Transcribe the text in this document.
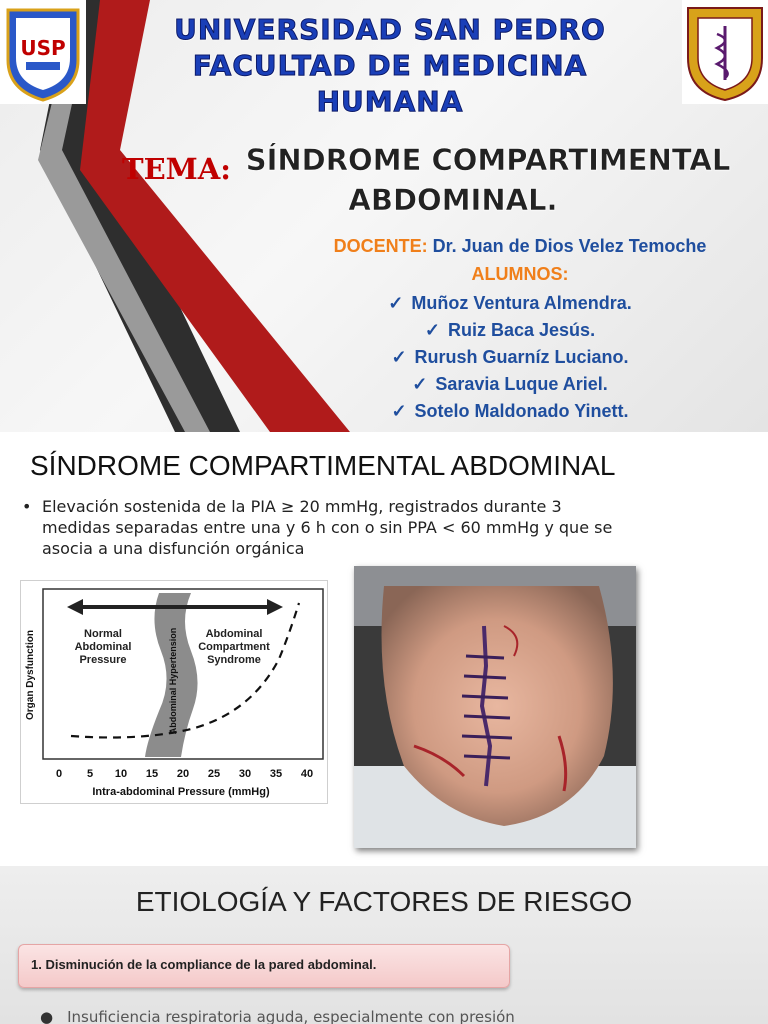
USP
UNIVERSIDAD SAN PEDRO
FACULTAD DE MEDICINA
HUMANA
TEMA: SÍNDROME COMPARTIMENTAL
ABDOMINAL.
DOCENTE: Dr. Juan de Dios Velez Temoche
ALUMNOS:
✓ Muñoz Ventura Almendra.
✓ Ruiz Baca Jesús.
✓ Rurush Guarníz Luciano.
✓ Saravia Luque Ariel.
✓ Sotelo Maldonado Yinett.
SÍNDROME COMPARTIMENTAL ABDOMINAL
• Elevación sostenida de la PIA ≥ 20 mmHg, registrados durante 3 medidas separadas entre una y 6 h con o sin PPA < 60 mmHg y que se asocia a una disfunción orgánica
Normal
Abdominal
Pressure
Abdominal
Compartment
Syndrome
Abdominal Hypertension
Organ Dysfunction
0 5 10 15 20 25 30 35 40
Intra-abdominal Pressure (mmHg)
ETIOLOGÍA Y FACTORES DE RIESGO
1. Disminución de la compliance de la pared abdominal.
● Insuficiencia respiratoria aguda, especialmente con presión
